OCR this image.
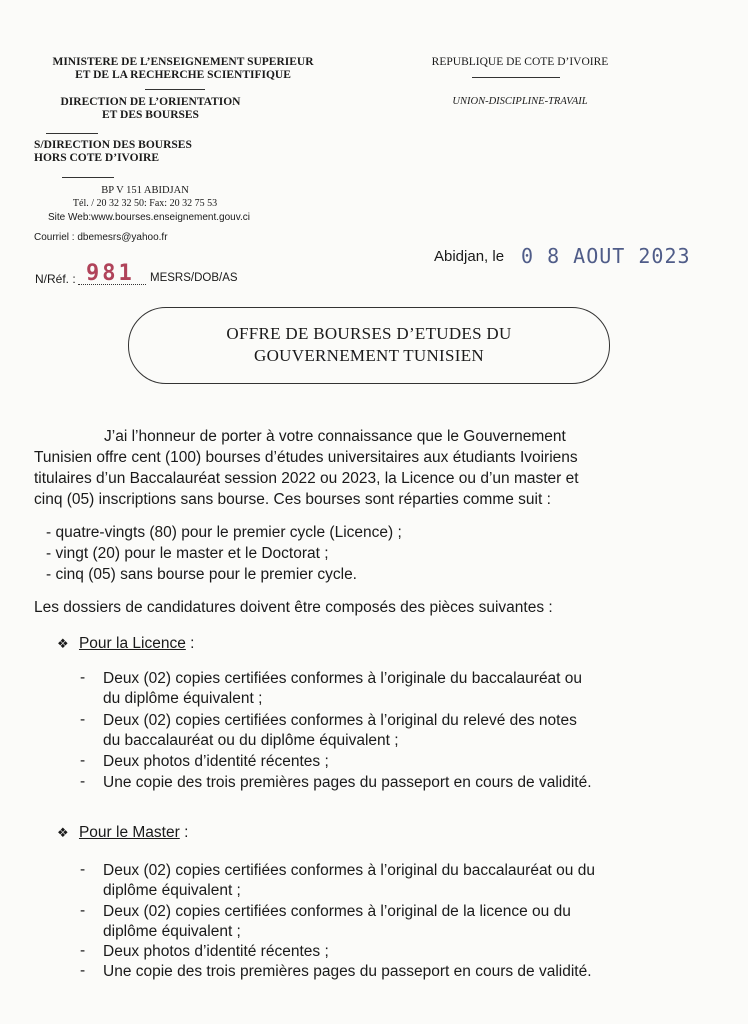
MINISTERE DE L’ENSEIGNEMENT SUPERIEUR
ET DE LA RECHERCHE SCIENTIFIQUE
DIRECTION DE L’ORIENTATION
ET DES BOURSES
S/DIRECTION DES BOURSES
HORS COTE D’IVOIRE
BP V 151 ABIDJAN
Tél. / 20 32 32 50: Fax: 20 32 75 53
Site Web:www.bourses.enseignement.gouv.ci
Courriel : dbemesrs@yahoo.fr
REPUBLIQUE DE COTE D’IVOIRE
UNION-DISCIPLINE-TRAVAIL
Abidjan, le 0 8 AOUT 2023
N/Réf. : 981	MESRS/DOB/AS
OFFRE DE BOURSES D’ETUDES DU
GOUVERNEMENT TUNISIEN
J’ai l’honneur de porter à votre connaissance que le Gouvernement
Tunisien offre cent (100) bourses d’études universitaires aux étudiants Ivoiriens
titulaires d’un Baccalauréat session 2022 ou 2023, la Licence ou d’un master et
cinq (05) inscriptions sans bourse. Ces bourses sont réparties comme suit :
- quatre-vingts (80) pour le premier cycle (Licence) ;
- vingt (20) pour le master et le Doctorat ;
- cinq (05) sans bourse pour le premier cycle.
Les dossiers de candidatures doivent être composés des pièces suivantes :
❖ Pour la Licence :
- Deux (02) copies certifiées conformes à l’originale du baccalauréat ou
du diplôme équivalent ;
- Deux (02) copies certifiées conformes à l’original du relevé des notes
du baccalauréat ou du diplôme équivalent ;
- Deux photos d’identité récentes ;
- Une copie des trois premières pages du passeport en cours de validité.
❖ Pour le Master :
- Deux (02) copies certifiées conformes à l’original du baccalauréat ou du
diplôme équivalent ;
- Deux (02) copies certifiées conformes à l’original de la licence ou du
diplôme équivalent ;
- Deux photos d’identité récentes ;
- Une copie des trois premières pages du passeport en cours de validité.
